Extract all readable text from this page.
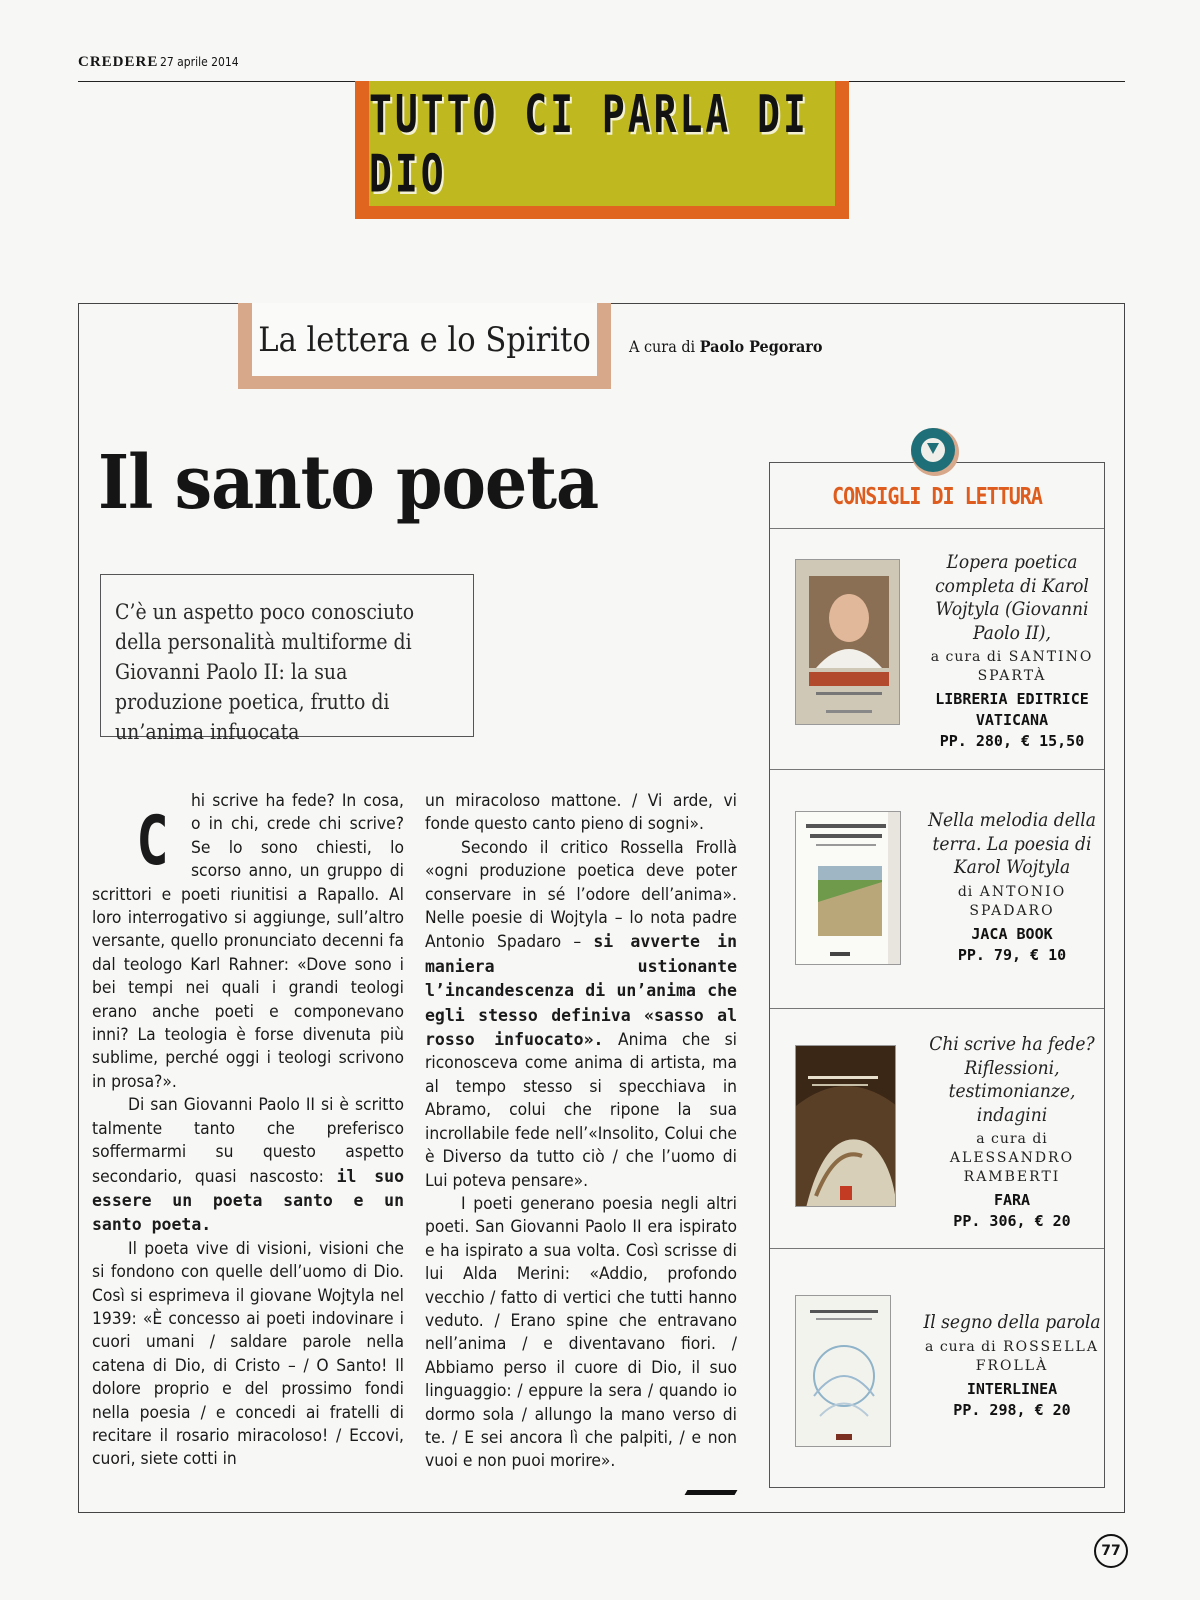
CREDERE 27 aprile 2014
TUTTO CI PARLA DI DIO
La lettera e lo Spirito A cura di Paolo Pegoraro
Il santo poeta
C’è un aspetto poco conosciuto della personalità multiforme di Giovanni Paolo II: la sua produzione poetica, frutto di un’anima infuocata

C
hi scrive ha fede? In cosa, o in chi, crede chi scrive? Se lo sono chiesti, lo scorso anno, un gruppo di scrittori e poeti riunitisi a Rapallo. Al loro interrogativo si aggiunge, sull’altro versante, quello pronunciato decenni fa dal teologo Karl Rahner: «Dove sono i bei tempi nei quali i grandi teologi erano anche poeti e componevano inni? La teologia è forse divenuta più sublime, perché oggi i teologi scrivono in prosa?».

Di san Giovanni Paolo II si è scritto talmente tanto che preferisco soffermarmi su questo aspetto secondario, quasi nascosto: il suo essere un poeta santo e un santo poeta.

Il poeta vive di visioni, visioni che si fondono con quelle dell’uomo di Dio. Così si esprimeva il giovane Wojtyla nel 1939: «È concesso ai poeti indovinare i cuori umani / saldare parole nella catena di Dio, di Cristo – / O Santo! Il dolore proprio e del prossimo fondi nella poesia / e concedi ai fratelli di recitare il rosario miracoloso! / Eccovi, cuori, siete cotti in

un miracoloso mattone. / Vi arde, vi fonde questo canto pieno di sogni».

Secondo il critico Rossella Frollà «ogni produzione poetica deve poter conservare in sé l’odore dell’anima». Nelle poesie di Wojtyla – lo nota padre Antonio Spadaro – si avverte in maniera ustionante l’incandescenza di un’anima che egli stesso definiva «sasso al rosso infuocato». Anima che si riconosceva come anima di artista, ma al tempo stesso si specchiava in Abramo, colui che ripone la sua incrollabile fede nell’«Insolito, Colui che è Diverso da tutto ciò / che l’uomo di Lui poteva pensare».

I poeti generano poesia negli altri poeti. San Giovanni Paolo II era ispirato e ha ispirato a sua volta. Così scrisse di lui Alda Merini: «Addio, profondo vecchio / fatto di vertici che tutti hanno veduto. / Erano spine che entravano nell’anima / e diventavano fiori. / Abbiamo perso il cuore di Dio, il suo linguaggio: / eppure la sera / quando io dormo sola / allungo la mano verso di te. / E sei ancora lì che palpiti, / e non vuoi e non puoi morire».

CONSIGLI DI LETTURA
L’opera poetica completa di Karol Wojtyla (Giovanni Paolo II),
a cura di SANTINO SPARTÀ
LIBRERIA EDITRICE VATICANA
PP. 280, € 15,50
Nella melodia della terra. La poesia di Karol Wojtyla
di ANTONIO SPADARO
JACA BOOK
PP. 79, € 10
Chi scrive ha fede? Riflessioni, testimonianze, indagini
a cura di ALESSANDRO RAMBERTI
FARA
PP. 306, € 20
Il segno della parola
a cura di ROSSELLA FROLLÀ
INTERLINEA
PP. 298, € 20
77
